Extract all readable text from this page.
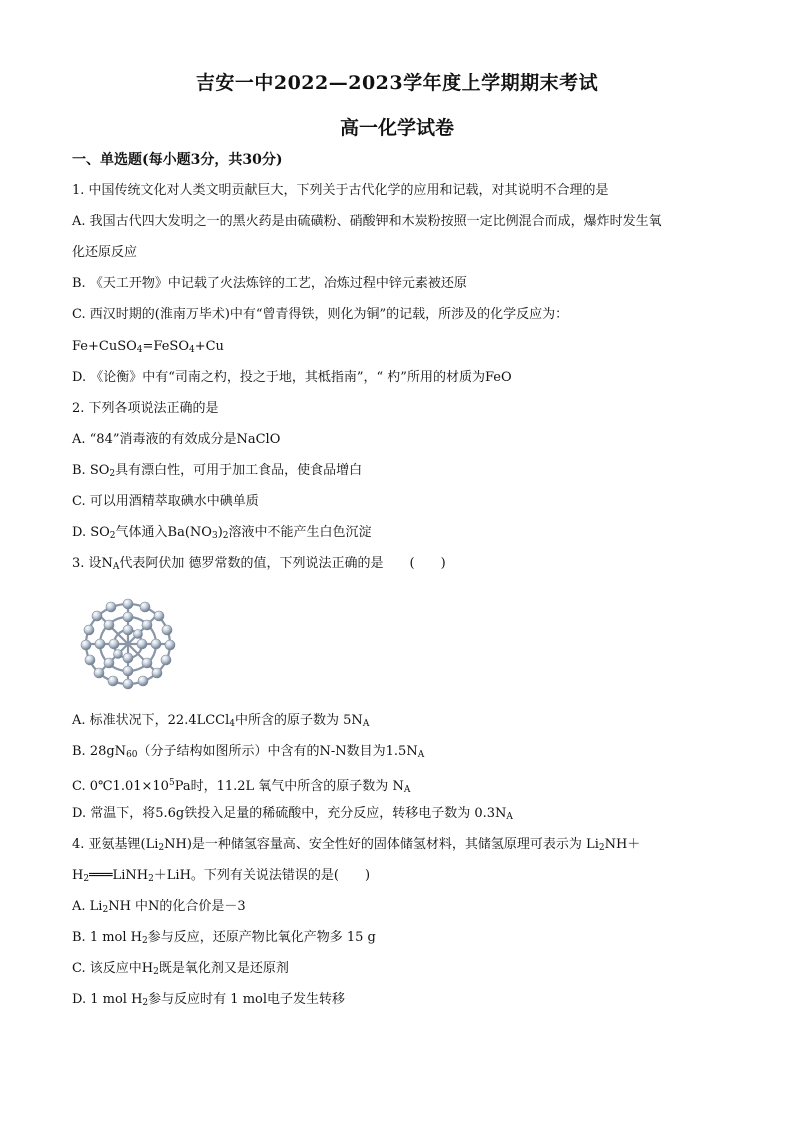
吉安一中2022—2023学年度上学期期末考试
高一化学试卷
一、单选题(每小题3分，共30分)
1. 中国传统文化对人类文明贡献巨大，下列关于古代化学的应用和记载，对其说明不合理的是
A. 我国古代四大发明之一的黑火药是由硫磺粉、硝酸钾和木炭粉按照一定比例混合而成，爆炸时发生氧
化还原反应
B. 《天工开物》中记载了火法炼锌的工艺，冶炼过程中锌元素被还原
C. 西汉时期的(淮南万毕术)中有“曾青得铁，则化为铜”的记载，所涉及的化学反应为：
Fe+CuSO$_4$=FeSO$_4$+Cu
D. 《论衡》中有“司南之杓，投之于地，其柢指南”，“ 杓”所用的材质为FeO
2. 下列各项说法正确的是
A. “84”消毒液的有效成分是NaClO
B. $SO_2$具有漂白性，可用于加工食品，使食品增白
C. 可以用酒精萃取碘水中碘单质
D. $SO_2$气体通入$Ba(NO_3)_2$溶液中不能产生白色沉淀
3. 设$N_A$代表阿伏加 德罗常数的值，下列说法正确的是　　(　　)
A. 标准状况下，22.4LCCl$_4$中所含的原子数为 $5N_A$
B. $28gN_{60}$（分子结构如图所示）中含有的N-N数目为$1.5N_A$
C. $0℃1.01\times 10^5Pa$时，11.2L 氧气中所含的原子数为 $N_A$
D. 常温下，将5.6g铁投入足量的稀硫酸中，充分反应，转移电子数为 $0.3N_A$
4. 亚氨基锂$(Li_2NH)$是一种储氢容量高、安全性好的固体储氢材料，其储氢原理可表示为 $Li_2NH+$
$H_2═══LiNH_2+LiH$。下列有关说法错误的是(　　)
A. $Li_2NH$ 中N的化合价是－3
B. 1 mol $H_2$参与反应，还原产物比氧化产物多 15 g
C. 该反应中$H_2$既是氧化剂又是还原剂
D. 1 mol $H_2$参与反应时有 1 mol电子发生转移
